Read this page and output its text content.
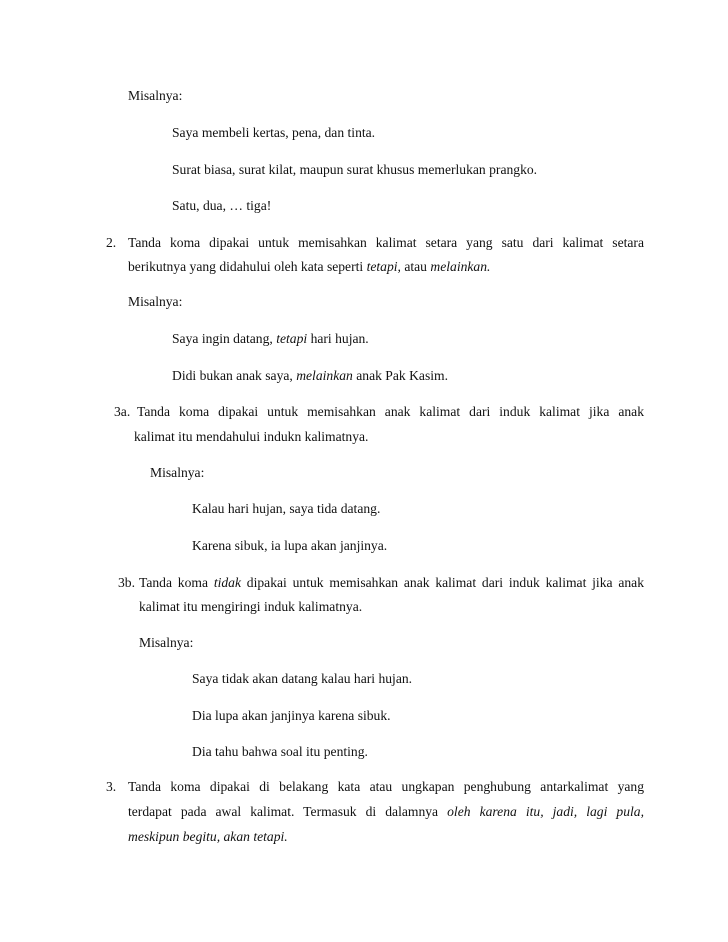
Misalnya:
Saya membeli kertas, pena, dan tinta.
Surat biasa, surat kilat, maupun surat khusus memerlukan prangko.
Satu, dua, … tiga!
2. Tanda koma dipakai untuk memisahkan kalimat setara yang satu dari kalimat setara
berikutnya yang didahului oleh kata seperti tetapi, atau melainkan.
Misalnya:
Saya ingin datang, tetapi hari hujan.
Didi bukan anak saya, melainkan anak Pak Kasim.
3a. Tanda koma dipakai untuk memisahkan anak kalimat dari induk kalimat jika anak
kalimat itu mendahului indukn kalimatnya.
Misalnya:
Kalau hari hujan, saya tida datang.
Karena sibuk, ia lupa akan janjinya.
3b. Tanda koma tidak dipakai untuk memisahkan anak kalimat dari induk kalimat jika anak
kalimat itu mengiringi induk kalimatnya.
Misalnya:
Saya tidak akan datang kalau hari hujan.
Dia lupa akan janjinya karena sibuk.
Dia tahu bahwa soal itu penting.
3. Tanda koma dipakai di belakang kata atau ungkapan penghubung antarkalimat yang
terdapat pada awal kalimat. Termasuk di dalamnya oleh karena itu, jadi, lagi pula,
meskipun begitu, akan tetapi.
